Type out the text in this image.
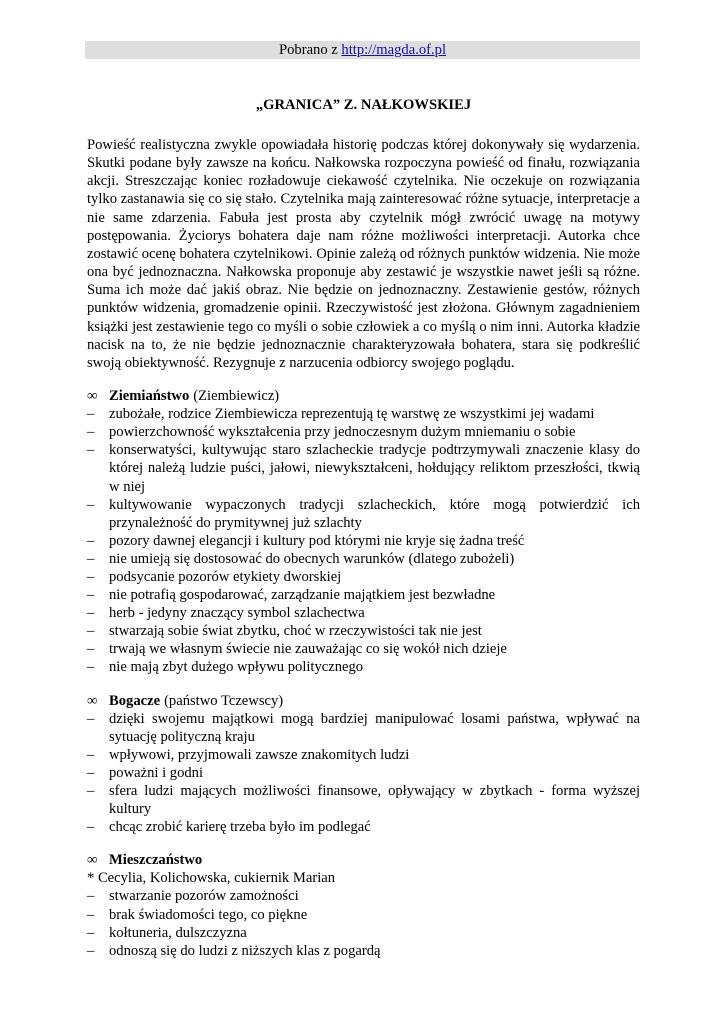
Pobrano z http://magda.of.pl
„GRANICA” Z. NAŁKOWSKIEJ

Powieść realistyczna zwykle opowiadała historię podczas której dokonywały się wydarzenia. Skutki podane były zawsze na końcu. Nałkowska rozpoczyna powieść od finału, rozwiązania akcji. Streszczając koniec rozładowuje ciekawość czytelnika. Nie oczekuje on rozwiązania tylko zastanawia się co się stało. Czytelnika mają zainteresować różne sytuacje, interpretacje a nie same zdarzenia. Fabuła jest prosta aby czytelnik mógł zwrócić uwagę na motywy postępowania. Życiorys bohatera daje nam różne możliwości interpretacji. Autorka chce zostawić ocenę bohatera czytelnikowi. Opinie zależą od różnych punktów widzenia. Nie może ona być jednoznaczna. Nałkowska proponuje aby zestawić je wszystkie nawet jeśli są różne. Suma ich może dać jakiś obraz. Nie będzie on jednoznaczny. Zestawienie gestów, różnych punktów widzenia, gromadzenie opinii. Rzeczywistość jest złożona. Głównym zagadnieniem książki jest zestawienie tego co myśli o sobie człowiek a co myślą o nim inni. Autorka kładzie nacisk na to, że nie będzie jednoznacznie charakteryzowała bohatera, stara się podkreślić swoją obiektywność. Rezygnuje z narzucenia odbiorcy swojego poglądu.

∞ Ziemiaństwo (Ziembiewicz)
– zubożałe, rodzice Ziembiewicza reprezentują tę warstwę ze wszystkimi jej wadami
– powierzchowność wykształcenia przy jednoczesnym dużym mniemaniu o sobie
– konserwatyści, kultywując staro szlacheckie tradycje podtrzymywali znaczenie klasy do której należą ludzie puści, jałowi, niewykształceni, hołdujący reliktom przeszłości, tkwią w niej
– kultywowanie wypaczonych tradycji szlacheckich, które mogą potwierdzić ich przynależność do prymitywnej już szlachty
– pozory dawnej elegancji i kultury pod którymi nie kryje się żadna treść
– nie umieją się dostosować do obecnych warunków (dlatego zubożeli)
– podsycanie pozorów etykiety dworskiej
– nie potrafią gospodarować, zarządzanie majątkiem jest bezwładne
– herb - jedyny znaczący symbol szlachectwa
– stwarzają sobie świat zbytku, choć w rzeczywistości tak nie jest
– trwają we własnym świecie nie zauważając co się wokół nich dzieje
– nie mają zbyt dużego wpływu politycznego
∞ Bogacze (państwo Tczewscy)
– dzięki swojemu majątkowi mogą bardziej manipulować losami państwa, wpływać na sytuację polityczną kraju
– wpływowi, przyjmowali zawsze znakomitych ludzi
– poważni i godni
– sfera ludzi mających możliwości finansowe, opływający w zbytkach - forma wyższej kultury
– chcąc zrobić karierę trzeba było im podlegać
∞ Mieszczaństwo
* Cecylia, Kolichowska, cukiernik Marian
– stwarzanie pozorów zamożności
– brak świadomości tego, co piękne
– kołtuneria, dulszczyzna
– odnoszą się do ludzi z niższych klas z pogardą
